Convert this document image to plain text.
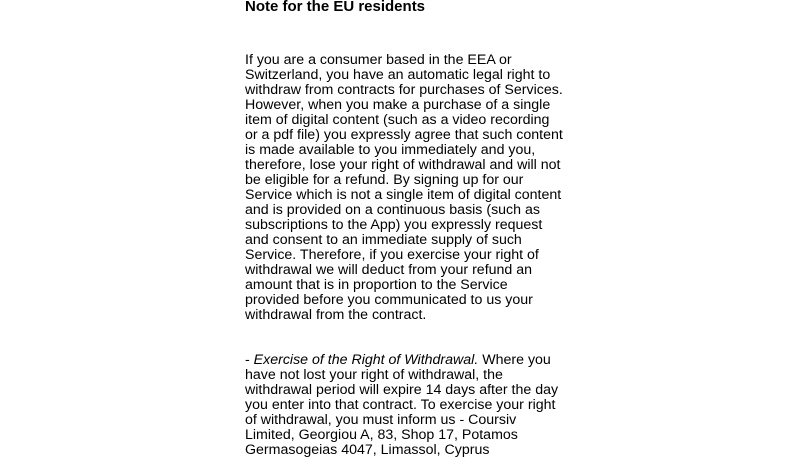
Note for the EU residents

If you are a consumer based in the EEA or Switzerland, you have an automatic legal right to withdraw from contracts for purchases of Services. However, when you make a purchase of a single item of digital content (such as a video recording or a pdf file) you expressly agree that such content is made available to you immediately and you, therefore, lose your right of withdrawal and will not be eligible for a refund. By signing up for our Service which is not a single item of digital content and is provided on a continuous basis (such as subscriptions to the App) you expressly request and consent to an immediate supply of such Service. Therefore, if you exercise your right of withdrawal we will deduct from your refund an amount that is in proportion to the Service provided before you communicated to us your withdrawal from the contract.

- Exercise of the Right of Withdrawal. Where you have not lost your right of withdrawal, the withdrawal period will expire 14 days after the day you enter into that contract. To exercise your right of withdrawal, you must inform us - Coursiv Limited, Georgiou A, 83, Shop 17, Potamos Germasogeias 4047, Limassol, Cyprus
